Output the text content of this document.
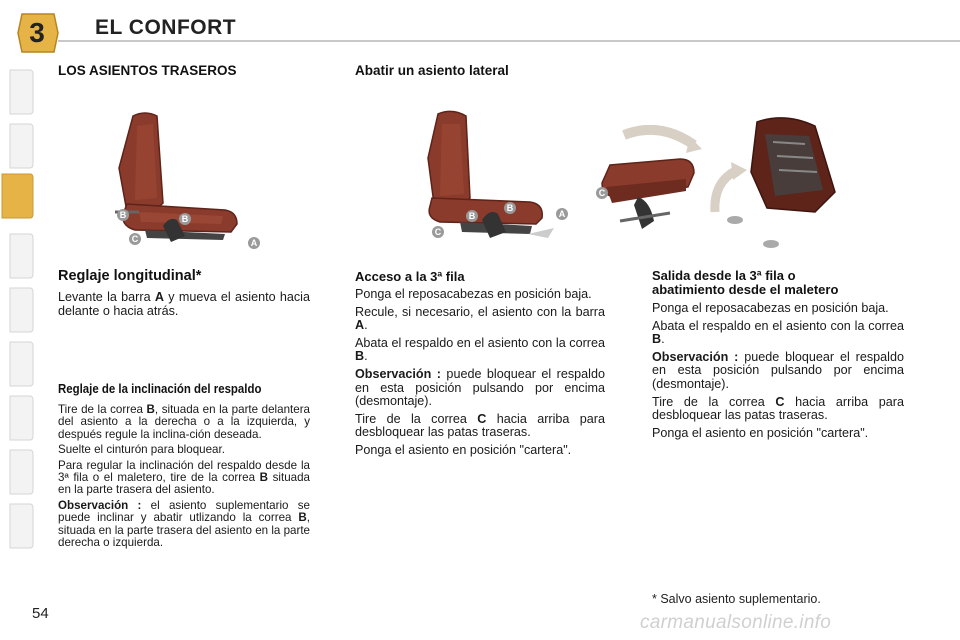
3	EL CONFORT
LOS ASIENTOS TRASEROS	Abatir un asiento lateral
B	B
C	A
B
B
C
A
C
Reglaje longitudinal*

Levante la barra A y mueva el asiento hacia delante o hacia atrás.

Reglaje de la inclinación del respaldo

Tire de la correa B, situada en la parte delantera del asiento a la derecha o a la izquierda, y después regule la inclina-ción deseada.

Suelte el cinturón para bloquear.

Para regular la inclinación del respaldo desde la 3ª fila o el maletero, tire de la correa B situada en la parte trasera del asiento.

Observación : el asiento suplementario se puede inclinar y abatir utlizando la correa B, situada en la parte trasera del asiento en la parte derecha o izquierda.

Acceso a la 3ª fila

Ponga el reposacabezas en posición baja.

Recule, si necesario, el asiento con la barra A.

Abata el respaldo en el asiento con la correa B.

Observación : puede bloquear el respaldo en esta posición pulsando por encima (desmontaje).

Tire de la correa C hacia arriba para desbloquear las patas traseras.

Ponga el asiento en posición "cartera".

Salida desde la 3ª fila o abatimiento desde el maletero

Ponga el reposacabezas en posición baja.

Abata el respaldo en el asiento con la correa B.

Observación : puede bloquear el respaldo en esta posición pulsando por encima (desmontaje).

Tire de la correa C hacia arriba para desbloquear las patas traseras.

Ponga el asiento en posición "cartera".

* Salvo asiento suplementario.
54	carmanualsonline.info
